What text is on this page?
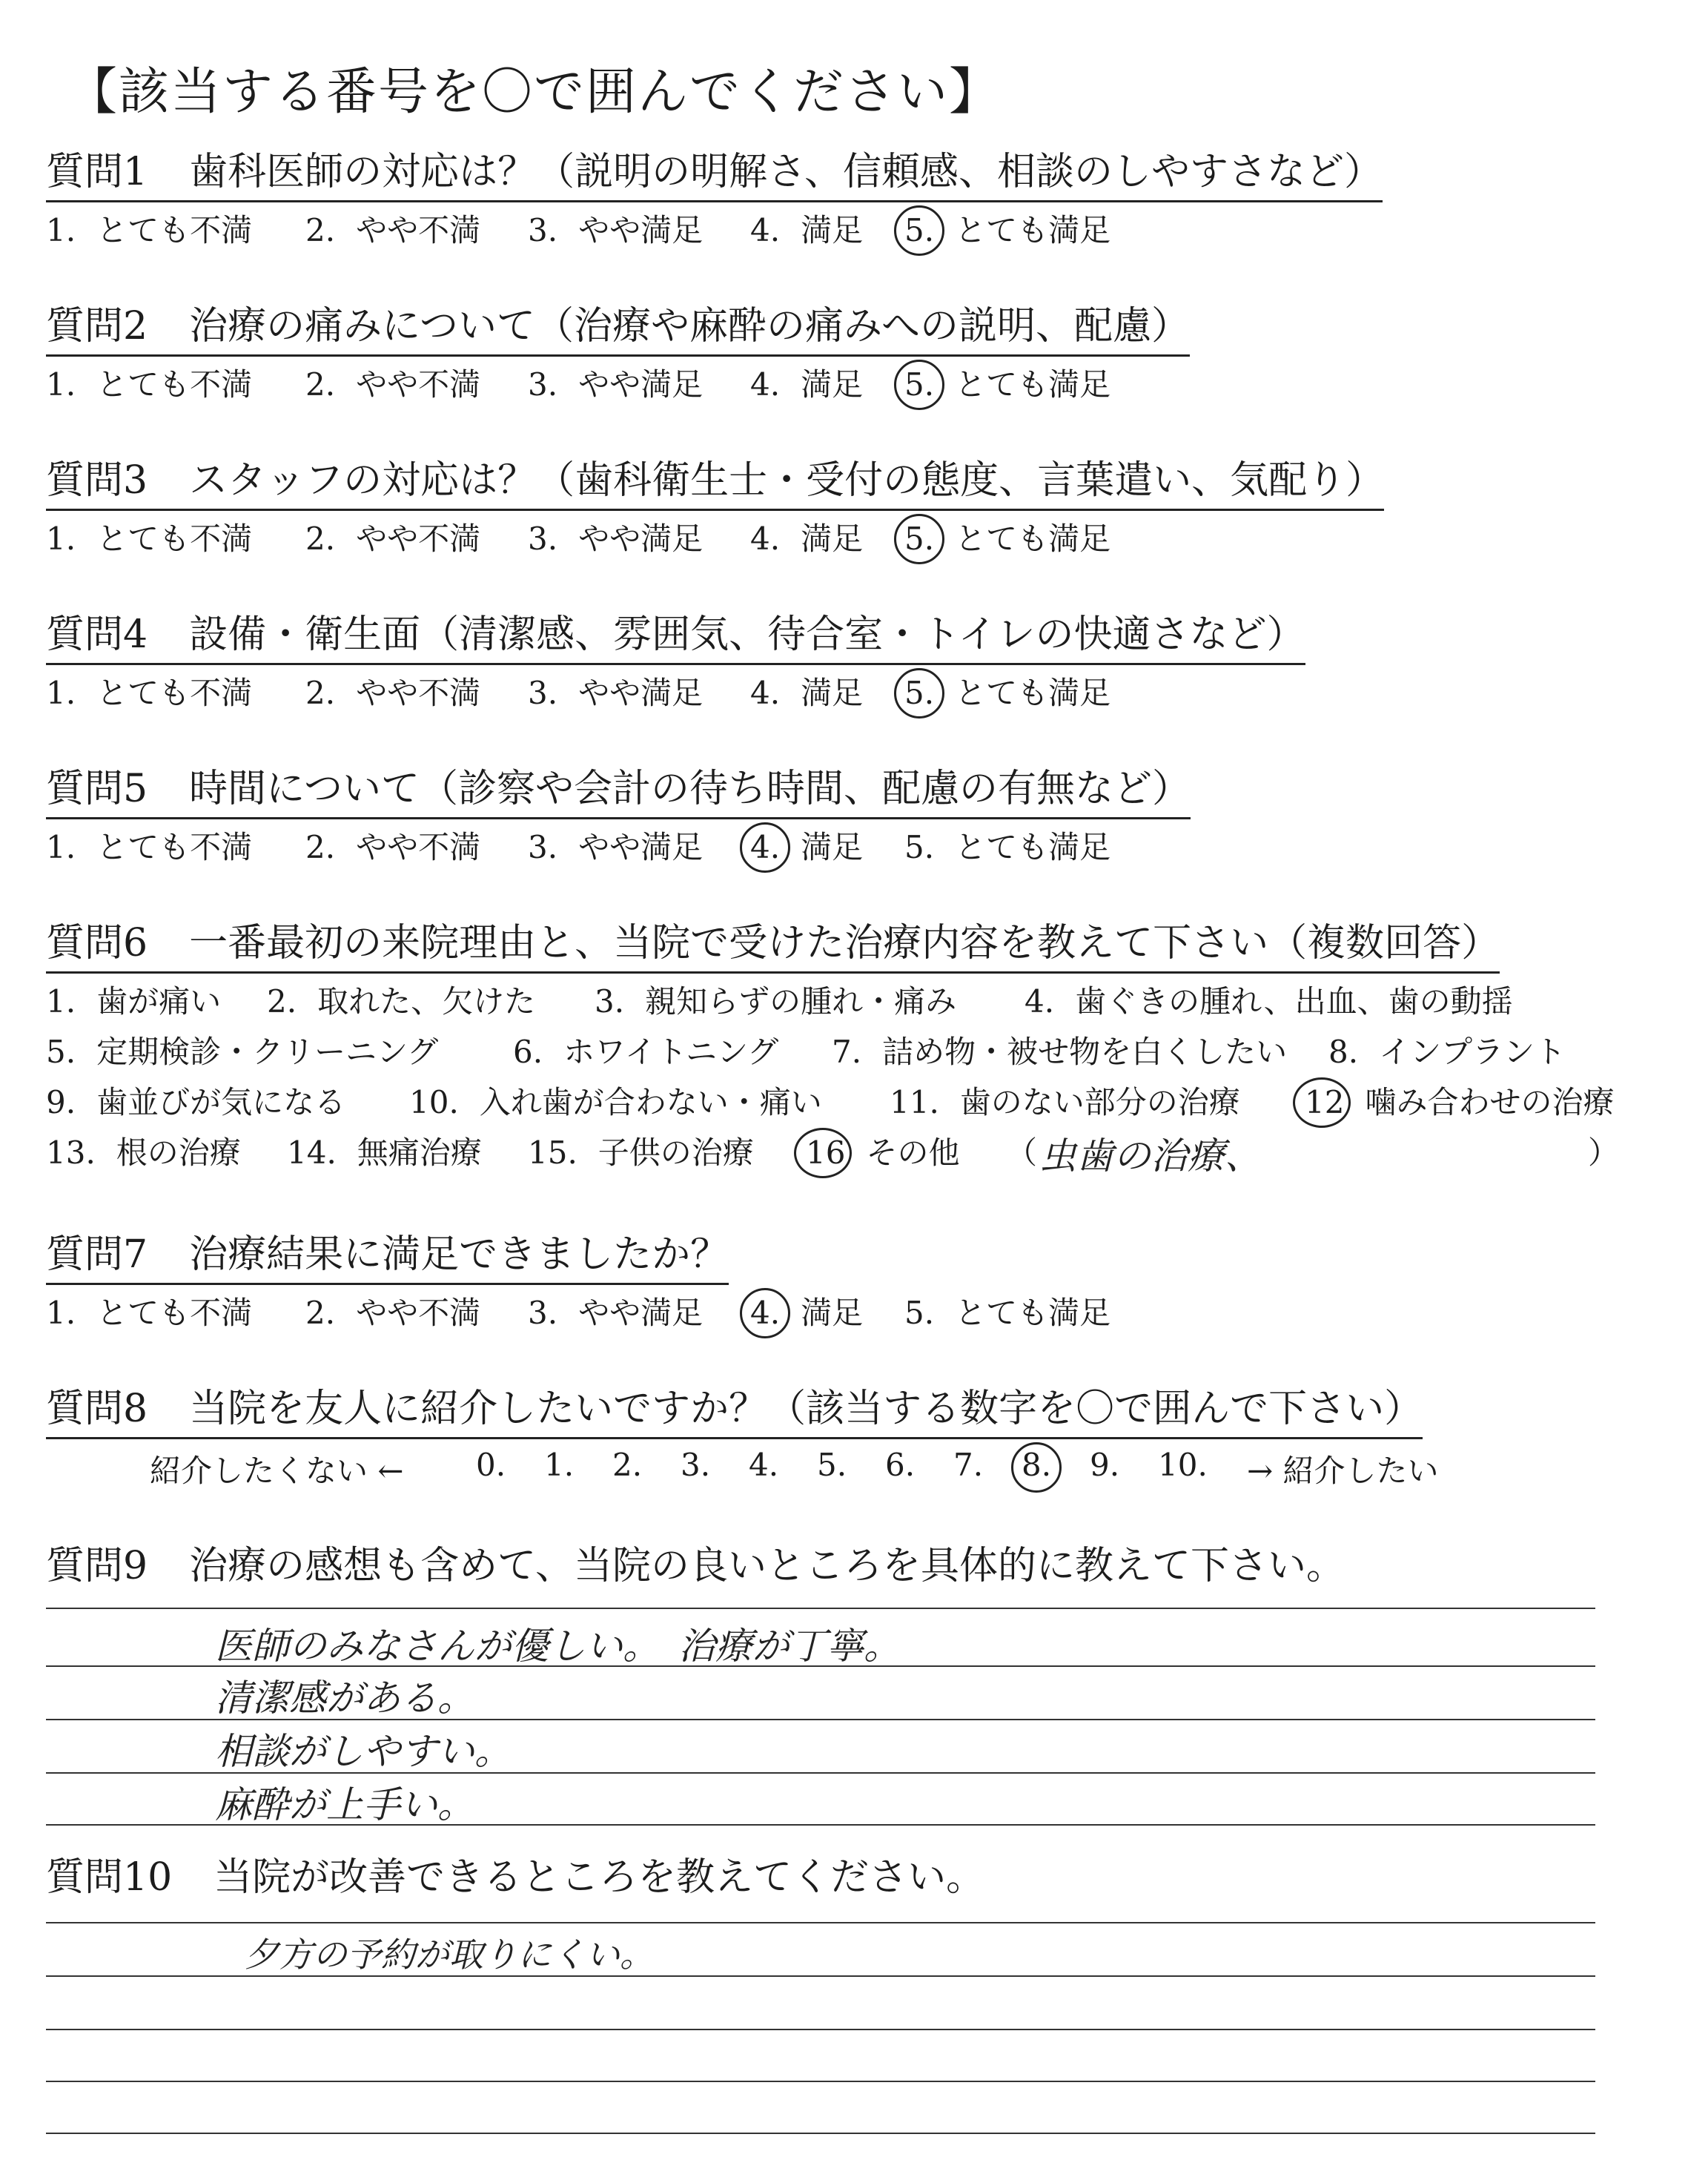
【該当する番号を〇で囲んでください】
質問1 歯科医師の対応は？（説明の明解さ、信頼感、相談のしやすさなど）
1. とても不満 2. やや不満 3. やや満足 4. 満足 5. とても満足
質問2 治療の痛みについて（治療や麻酔の痛みへの説明、配慮）
1. とても不満 2. やや不満 3. やや満足 4. 満足 5. とても満足
質問3 スタッフの対応は？（歯科衛生士・受付の態度、言葉遣い、気配り）
1. とても不満 2. やや不満 3. やや満足 4. 満足 5. とても満足
質問4 設備・衛生面（清潔感、雰囲気、待合室・トイレの快適さなど）
1. とても不満 2. やや不満 3. やや満足 4. 満足 5. とても満足
質問5 時間について（診察や会計の待ち時間、配慮の有無など）
1. とても不満 2. やや不満 3. やや満足 4. 満足 5. とても満足
質問6 一番最初の来院理由と、当院で受けた治療内容を教えて下さい（複数回答）
1. 歯が痛い 2. 取れた、欠けた 3. 親知らずの腫れ・痛み 4. 歯ぐきの腫れ、出血、歯の動揺
5. 定期検診・クリーニング 6. ホワイトニング 7. 詰め物・被せ物を白くしたい 8. インプラント
9. 歯並びが気になる 10. 入れ歯が合わない・痛い 11. 歯のない部分の治療 12 噛み合わせの治療
13. 根の治療 14. 無痛治療 15. 子供の治療 16 その他 （ 虫歯の治療、	）
質問7 治療結果に満足できましたか？
1. とても不満 2. やや不満 3. やや満足 4. 満足 5. とても満足
質問8 当院を友人に紹介したいですか？（該当する数字を〇で囲んで下さい）
紹介したくない ← 0. 1. 2. 3. 4. 5. 6. 7. 8. 9. 10. → 紹介したい
質問9 治療の感想も含めて、当院の良いところを具体的に教えて下さい。
医師のみなさんが優しい。　治療が丁寧。
清潔感がある。
相談がしやすい。
麻酔が上手い。
質問10 当院が改善できるところを教えてください。
夕方の予約が取りにくい。
